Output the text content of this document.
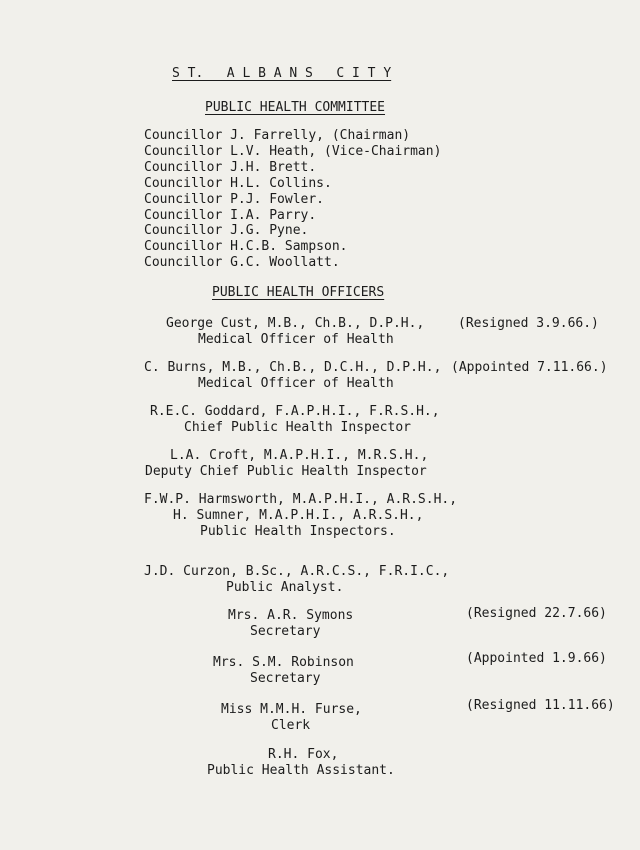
S T.   A L B A N S   C I T Y
PUBLIC HEALTH COMMITTEE
Councillor J. Farrelly, (Chairman)
Councillor L.V. Heath, (Vice-Chairman)
Councillor J.H. Brett.
Councillor H.L. Collins.
Councillor P.J. Fowler.
Councillor I.A. Parry.
Councillor J.G. Pyne.
Councillor H.C.B. Sampson.
Councillor G.C. Woollatt.
PUBLIC HEALTH OFFICERS
George Cust, M.B., Ch.B., D.P.H.,
Medical Officer of Health
(Resigned 3.9.66.)
C. Burns, M.B., Ch.B., D.C.H., D.P.H.,
Medical Officer of Health
(Appointed 7.11.66.)
R.E.C. Goddard, F.A.P.H.I., F.R.S.H.,
Chief Public Health Inspector
L.A. Croft, M.A.P.H.I., M.R.S.H.,
Deputy Chief Public Health Inspector
F.W.P. Harmsworth, M.A.P.H.I., A.R.S.H.,
H. Sumner, M.A.P.H.I., A.R.S.H.,
Public Health Inspectors.
J.D. Curzon, B.Sc., A.R.C.S., F.R.I.C.,
Public Analyst.
Mrs. A.R. Symons
Secretary
(Resigned 22.7.66)
Mrs. S.M. Robinson
Secretary
(Appointed 1.9.66)
Miss M.M.H. Furse,
Clerk
(Resigned 11.11.66)
R.H. Fox,
Public Health Assistant.
